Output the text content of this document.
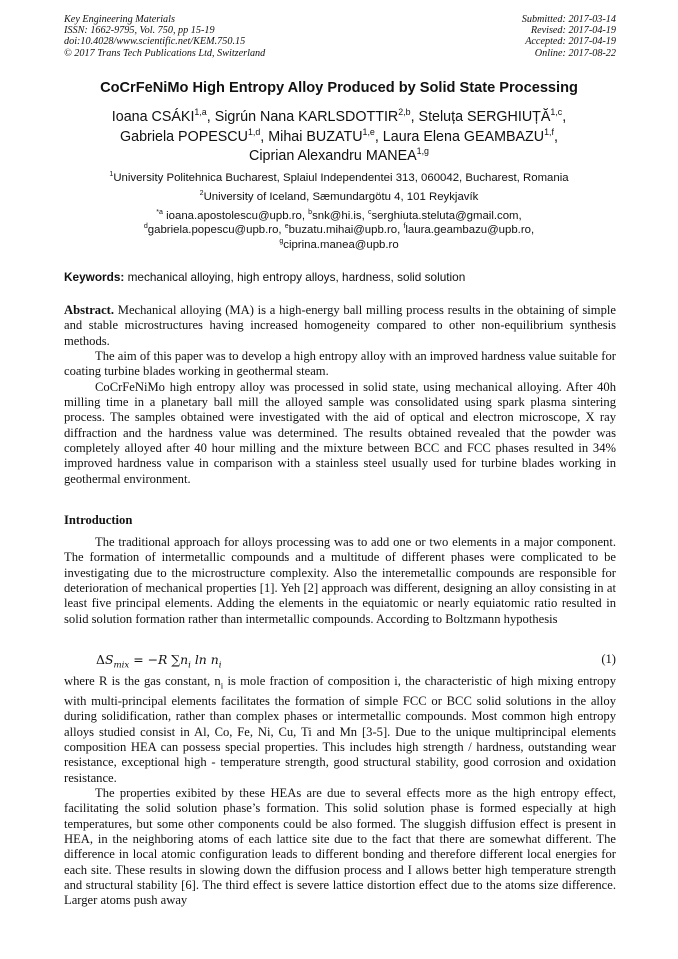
Key Engineering Materials
ISSN: 1662-9795, Vol. 750, pp 15-19
doi:10.4028/www.scientific.net/KEM.750.15
© 2017 Trans Tech Publications Ltd, Switzerland
Submitted: 2017-03-14
Revised: 2017-04-19
Accepted: 2017-04-19
Online: 2017-08-22
CoCrFeNiMo High Entropy Alloy Produced by Solid State Processing
Ioana CSÁKI$^{1,a}$, Sigrún Nana KARLSDOTTIR$^{2,b}$, Steluța SERGHIUȚĂ$^{1,c}$,
Gabriela POPESCU$^{1,d}$, Mihai BUZATU$^{1,e}$, Laura Elena GEAMBAZU$^{1,f}$,
Ciprian Alexandru MANEA$^{1,g}$
$^1$University Politehnica Bucharest, Splaiul Independentei 313, 060042, Bucharest, Romania
$^2$University of Iceland, Sæmundargötu 4, 101 Reykjavík
$^{*a}$ ioana.apostolescu@upb.ro, $^b$snk@hi.is, $^c$serghiuta.steluta@gmail.com,
$^d$gabriela.popescu@upb.ro, $^e$buzatu.mihai@upb.ro, $^f$laura.geambazu@upb.ro,
$^g$ciprina.manea@upb.ro
Keywords: mechanical alloying, high entropy alloys, hardness, solid solution

Abstract. Mechanical alloying (MA) is a high-energy ball milling process results in the obtaining of simple and stable microstructures having increased homogeneity compared to other non-equilibrium synthesis methods.

The aim of this paper was to develop a high entropy alloy with an improved hardness value suitable for coating turbine blades working in geothermal steam.

CoCrFeNiMo high entropy alloy was processed in solid state, using mechanical alloying. After 40h milling time in a planetary ball mill the alloyed sample was consolidated using spark plasma sintering process. The samples obtained were investigated with the aid of optical and electron microscope, X ray diffraction and the hardness value was determined. The results obtained revealed that the powder was completely alloyed after 40 hour milling and the mixture between BCC and FCC phases resulted in 34% improved hardness value in comparison with a stainless steel usually used for turbine blades working in geothermal environment.

Introduction

The traditional approach for alloys processing was to add one or two elements in a major component. The formation of intermetallic compounds and a multitude of different phases were complicated to be investigating due to the microstructure complexity. Also the interemetallic compounds are responsible for deterioration of mechanical properties [1]. Yeh [2] approach was different, designing an alloy consisting in at least five principal elements. Adding the elements in the equiatomic or nearly equiatomic ratio resulted in solid solution formation rather than intermetallic compounds. According to Boltzmann hypothesis

$\Delta S_{mix} = -R$ $\sum n_i$ $\ln n_i$	(1)

where R is the gas constant, $n_i$ is mole fraction of composition i, the characteristic of high mixing entropy with multi-principal elements facilitates the formation of simple FCC or BCC solid solutions in the alloy during solidification, rather than complex phases or intermetallic compounds. Most common high entropy alloys studied consist in Al, Co, Fe, Ni, Cu, Ti and Mn [3-5]. Due to the unique multiprincipal elements composition HEA can possess special properties. This includes high strength / hardness, outstanding wear resistance, exceptional high - temperature strength, good structural stability, good corrosion and oxidation resistance.

The properties exibited by these HEAs are due to several effects more as the high entropy effect, facilitating the solid solution phase’s formation. This solid solution phase is formed especially at high temperatures, but some other components could be also formed. The sluggish diffusion effect is present in HEA, in the neighboring atoms of each lattice site due to the fact that there are somewhat different. The difference in local atomic configuration leads to different bonding and therefore different local energies for each site. These results in slowing down the diffusion process and I allows better high temperature strength and structural stability [6]. The third effect is severe lattice distortion effect due to the atoms size difference. Larger atoms push away
